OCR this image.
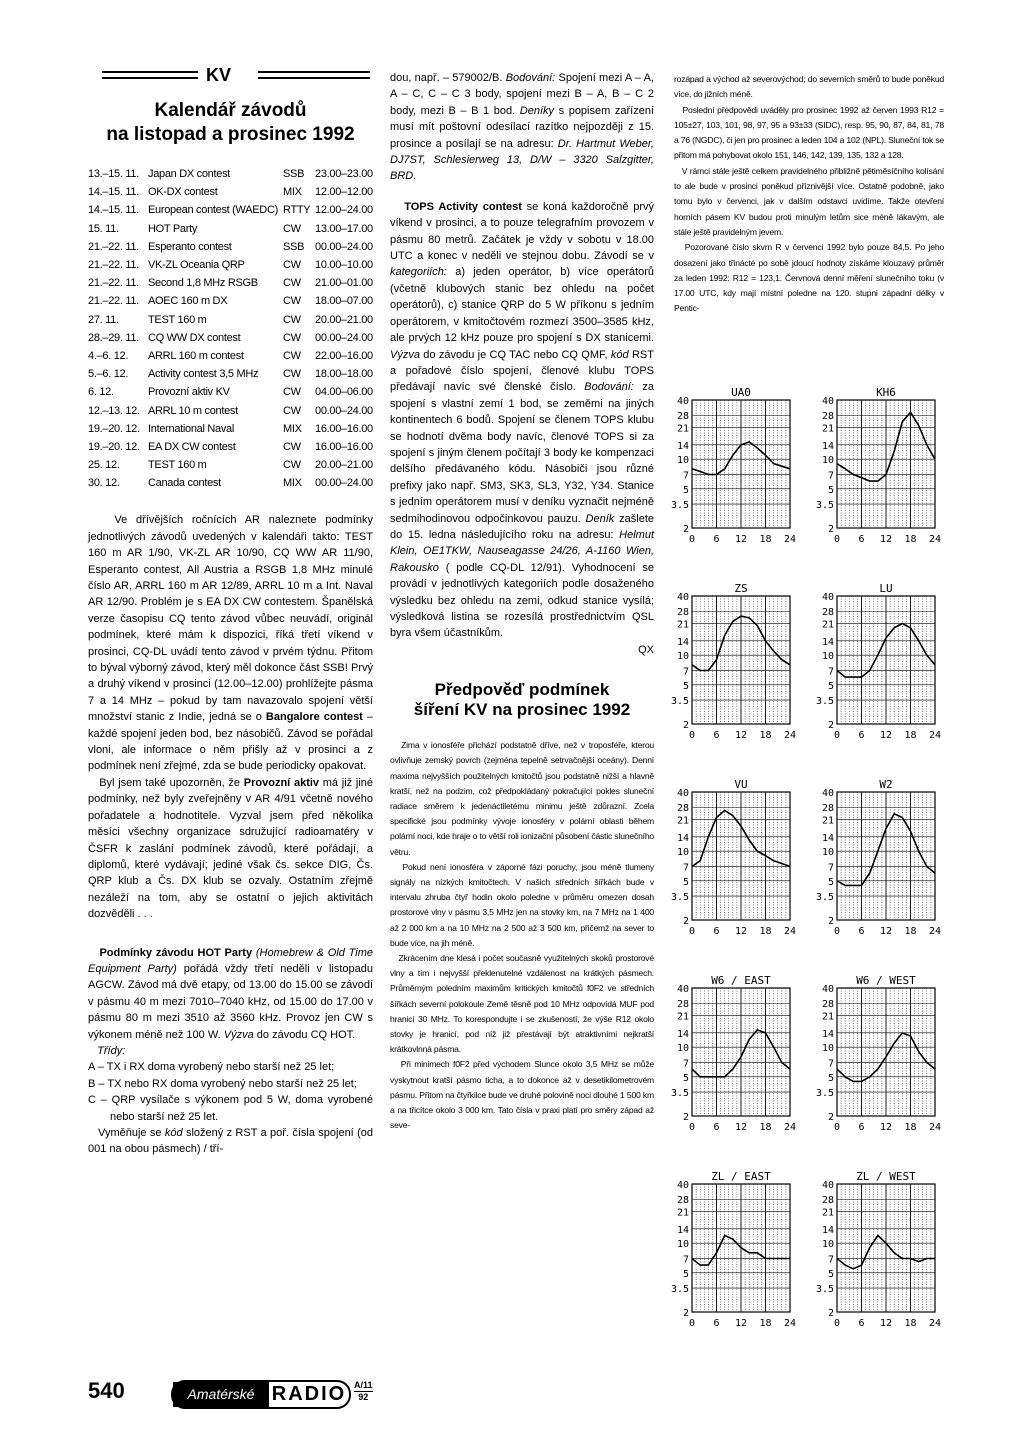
KV
Kalendář závodů
na listopad a prosinec 1992
13.–15. 11.	Japan DX contest	SSB	23.00–23.00
14.–15. 11.	OK-DX contest	MIX	12.00–12.00
14.–15. 11.	European contest (WAEDC)	RTTY	12.00–24.00
15. 11.	HOT Party	CW	13.00–17.00
21.–22. 11.	Esperanto contest	SSB	00.00–24.00
21.–22. 11.	VK-ZL Oceania QRP	CW	10.00–10.00
21.–22. 11.	Second 1,8 MHz RSGB	CW	21.00–01.00
21.–22. 11.	AOEC 160 m DX	CW	18.00–07.00
27. 11.	TEST 160 m	CW	20.00–21.00
28.–29. 11.	CQ WW DX contest	CW	00.00–24.00
4.–6. 12.	ARRL 160 m contest	CW	22.00–16.00
5.–6. 12.	Activity contest 3,5 MHz	CW	18.00–18.00
6. 12.	Provozní aktiv KV	CW	04.00–06.00
12.–13. 12.	ARRL 10 m contest	CW	00.00–24.00
19.–20. 12.	International Naval	MIX	16.00–16.00
19.–20. 12.	EA DX CW contest	CW	16.00–16.00
25. 12.	TEST 160 m	CW	20.00–21.00
30. 12.	Canada contest	MIX	00.00–24.00

Ve dřívějších ročnících AR naleznete podmínky jednotlivých závodů uvedených v kalendáři takto: TEST 160 m AR 1/90, VK-ZL AR 10/90, CQ WW AR 11/90, Esperanto contest, All Austria a RSGB 1,8 MHz minulé číslo AR, ARRL 160 m AR 12/89, ARRL 10 m a Int. Naval AR 12/90. Problém je s EA DX CW contestem. Španělská verze časopisu CQ tento závod vůbec neuvádí, originál podmínek, které mám k dispozici, říká třetí víkend v prosinci, CQ-DL uvádí tento závod v prvém týdnu. Přitom to býval výborný závod, který měl dokonce část SSB! Prvý a druhý víkend v prosinci (12.00–12.00) prohlížejte pásma 7 a 14 MHz – pokud by tam navazovalo spojení větší množství stanic z Indie, jedná se o Bangalore contest – každé spojení jeden bod, bez násobičů. Závod se pořádal vloni, ale informace o něm přišly až v prosinci a z podmínek není zřejmé, zda se bude periodicky opakovat.

Byl jsem také upozorněn, že Provozní aktiv má již jiné podmínky, než byly zveřejněny v AR 4/91 včetně nového pořadatele a hodnotitele. Vyzval jsem před několika měsíci všechny organizace sdružující radioamatéry v ČSFR k zaslání podmínek závodů, které pořádají, a diplomů, které vydávají; jediné však čs. sekce DIG, Čs. QRP klub a Čs. DX klub se ozvaly. Ostatním zřejmě nezáleží na tom, aby se ostatní o jejich aktivitách dozvěděli . . .

Podmínky závodu HOT Party (Homebrew & Old Time Equipment Party) pořádá vždy třetí neděli v listopadu AGCW. Závod má dvě etapy, od 13.00 do 15.00 se závodí v pásmu 40 m mezi 7010–7040 kHz, od 15.00 do 17.00 v pásmu 80 m mezi 3510 až 3560 kHz. Provoz jen CW s výkonem méně než 100 W. Výzva do závodu CQ HOT.

Třídy:

A – TX i RX doma vyrobený nebo starší než 25 let;
B – TX nebo RX doma vyrobený nebo starší než 25 let;
C – QRP vysílače s výkonem pod 5 W, doma vyrobené nebo starší než 25 let.

Vyměňuje se kód složený z RST a poř. čísla spojení (od 001 na obou pásmech) / tří-

540	Amatérské RADIO A/11
92

dou, např. – 579002/B. Bodování: Spojení mezi A – A, A – C, C – C 3 body, spojení mezi B – A, B – C 2 body, mezi B – B 1 bod. Deníky s popisem zařízení musí mít poštovní odesílací razítko nejpozději z 15. prosince a posílají se na adresu: Dr. Hartmut Weber, DJ7ST, Schlesierweg 13, D/W – 3320 Salzgitter, BRD.

TOPS Activity contest se koná každoročně prvý víkend v prosinci, a to pouze telegrafním provozem v pásmu 80 metrů. Začátek je vždy v sobotu v 18.00 UTC a konec v neděli ve stejnou dobu. Závodí se v kategoriích: a) jeden operátor, b) více operátorů (včetně klubových stanic bez ohledu na počet operátorů), c) stanice QRP do 5 W příkonu s jedním operátorem, v kmitočtovém rozmezí 3500–3585 kHz, ale prvých 12 kHz pouze pro spojení s DX stanicemi. Výzva do závodu je CQ TAC nebo CQ QMF, kód RST a pořadové číslo spojení, členové klubu TOPS předávají navíc své členské číslo. Bodování: za spojení s vlastní zemí 1 bod, se zeměmi na jiných kontinentech 6 bodů. Spojení se členem TOPS klubu se hodnotí dvěma body navíc, členové TOPS si za spojení s jiným členem počítají 3 body ke kompenzaci delšího předávaného kódu. Násobiči jsou různé prefixy jako např. SM3, SK3, SL3, Y32, Y34. Stanice s jedním operátorem musí v deníku vyznačit nejméně sedmihodinovou odpočinkovou pauzu. Deník zašlete do 15. ledna následujícího roku na adresu: Helmut Klein, OE1TKW, Nauseagasse 24/26, A-1160 Wien, Rakousko ( podle CQ-DL 12/91). Vyhodnocení se provádí v jednotlivých kategoriích podle dosaženého výsledku bez ohledu na zemi, odkud stanice vysílá; výsledková listina se rozesílá prostřednictvím QSL byra všem účastníkům.

QX

Předpověď podmínek
šíření KV na prosinec 1992

Zima v ionosféře přichází podstatně dříve, než v troposféře, kterou ovlivňuje zemský povrch (zejména tepelně setrvačnější oceány). Denní maxima nejvyšších použitelných kmitočtů jsou podstatně nižší a hlavně kratší, než na podzim, což předpokládaný pokračující pokles sluneční radiace směrem k jedenáctiletému minimu ještě zdůrazní. Zcela specifické jsou podmínky vývoje ionosféry v polární oblasti během polární noci, kde hraje o to větší roli ionizační působení částic slunečního větru.

Pokud není ionosféra v záporné fázi poruchy, jsou méně tlumeny signály na nízkých kmitočtech. V našich středních šířkách bude v intervalu zhruba čtyř hodin okolo poledne v průměru omezen dosah prostorové vlny v pásmu 3,5 MHz jen na stovky km, na 7 MHz na 1 400 až 2 000 km a na 10 MHz na 2 500 až 3 500 km, přičemž na sever to bude více, na jih méně.

Zkrácením dne klesá i počet současně využitelných skoků prostorové vlny a tím i nejvyšší překlenutelné vzdálenost na krátkých pásmech. Průměrným poledním maximům kritických kmitočtů f0F2 ve středních šířkách severní polokoule Země těsně pod 10 MHz odpovídá MUF pod hranicí 30 MHz. To korespondujte i se zkušeností, že výše R12 okolo stovky je hranicí, pod níž již přestávají být atraktivními nejkratší krátkovlnná pásma.

Při minimech f0F2 před východem Slunce okolo 3,5 MHz se může vyskytnout kratší pásmo ticha, a to dokonce až v desetikilometrovém pásmu. Přitom na čtyřkilce bude ve druhé polovině noci dlouhé 1 500 km a na třicítce okolo 3 000 km. Tato čísla v praxi platí pro směry západ až seve-

rozápad a východ až severovýchod; do severních směrů to bude poněkud více, do jižních méně.

Poslední předpovědi uváděly pro prosinec 1992 až červen 1993 R12 = 105±27, 103, 101, 98, 97, 95 a 93±33 (SIDC), resp. 95, 90, 87, 84, 81, 78 a 76 (NGDC), či jen pro prosinec a leden 104 a 102 (NPL). Sluneční tok se přitom má pohybovat okolo 151, 146, 142, 139, 135, 132 a 128.

V rámci stále ještě celkem pravidelného přibližně pětiměsíčního kolísání to ale bude v prosinci poněkud příznivější více. Ostatně podobně, jako tomu bylo v červenci, jak v dalším odstavci uvidíme. Takže otevření horních pásem KV budou proti minulým letům sice méně lákavým, ale stále ještě pravidelným jevem.

Pozorované číslo skvrn R v červenci 1992 bylo pouze 84,5. Po jeho dosazení jako třinácté po sobě jdoucí hodnoty získáme klouzavý průměr za leden 1992: R12 = 123,1. Červnová denní měření slunečního toku (v 17.00 UTC, kdy mají místní poledne na 120. stupni západní délky v Pentic-

UA0
2
3.5
5
7
10
14
21
28
40
0 6 12 18 24
KH6
2
3.5
5
7
10
14
21
28
40
0 6 12 18 24
ZS
2
3.5
5
7
10
14
21
28
40
0 6 12 18 24
LU
2
3.5
5
7
10
14
21
28
40
0 6 12 18 24
VU
2
3.5
5
7
10
14
21
28
40
0 6 12 18 24
W2
2
3.5
5
7
10
14
21
28
40
0 6 12 18 24
W6 / EAST
2
3.5
5
7
10
14
21
28
40
0 6 12 18 24
W6 / WEST
2
3.5
5
7
10
14
21
28
40
0 6 12 18 24
ZL / EAST
2
3.5
5
7
10
14
21
28
40
0 6 12 18 24
ZL / WEST
2
3.5
5
7
10
14
21
28
40
0 6 12 18 24
